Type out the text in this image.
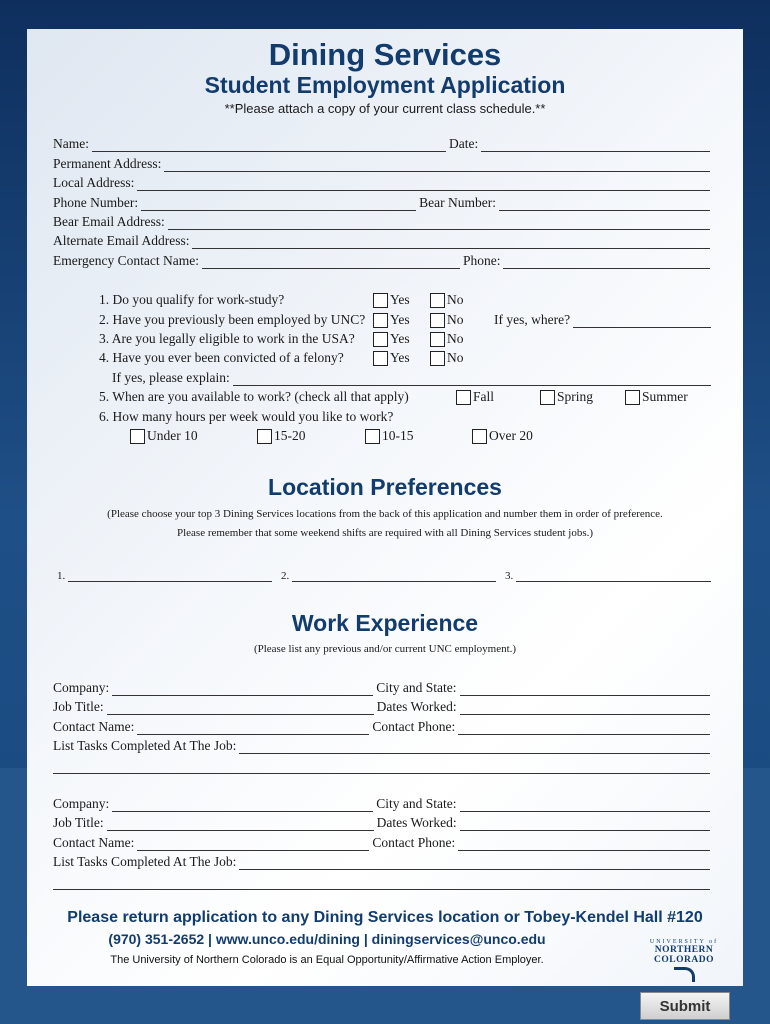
Dining Services
Student Employment Application
**Please attach a copy of your current class schedule.**
Name:	Date:
Permanent Address:
Local Address:
Phone Number:	Bear Number:
Bear Email Address:
Alternate Email Address:
Emergency Contact Name:	Phone:
1. Do you qualify for work-study?	Yes	No
2. Have you previously been employed by UNC? Yes	No If yes, where?
3. Are you legally eligible to work in the USA?	Yes	No
4. Have you ever been convicted of a felony?	Yes	No
If yes, please explain:
5. When are you available to work? (check all that apply)	Fall	Spring	Summer
6. How many hours per week would you like to work?
Under 10	15-20	10-15	Over 20
Location Preferences
(Please choose your top 3 Dining Services locations from the back of this application and number them in order of preference.
Please remember that some weekend shifts are required with all Dining Services student jobs.)
1.	2.	3.
Work Experience
(Please list any previous and/or current UNC employment.)
Company:	City and State:
Job Title:	Dates Worked:
Contact Name:	Contact Phone:
List Tasks Completed At The Job:
Company:	City and State:
Job Title:	Dates Worked:
Contact Name:	Contact Phone:
List Tasks Completed At The Job:
Please return application to any Dining Services location or Tobey-Kendel Hall #120
(970) 351-2652 | www.unco.edu/dining | diningservices@unco.edu
The University of Northern Colorado is an Equal Opportunity/Affirmative Action Employer.
UNIVERSITY of
NORTHERN COLORADO
Submit
